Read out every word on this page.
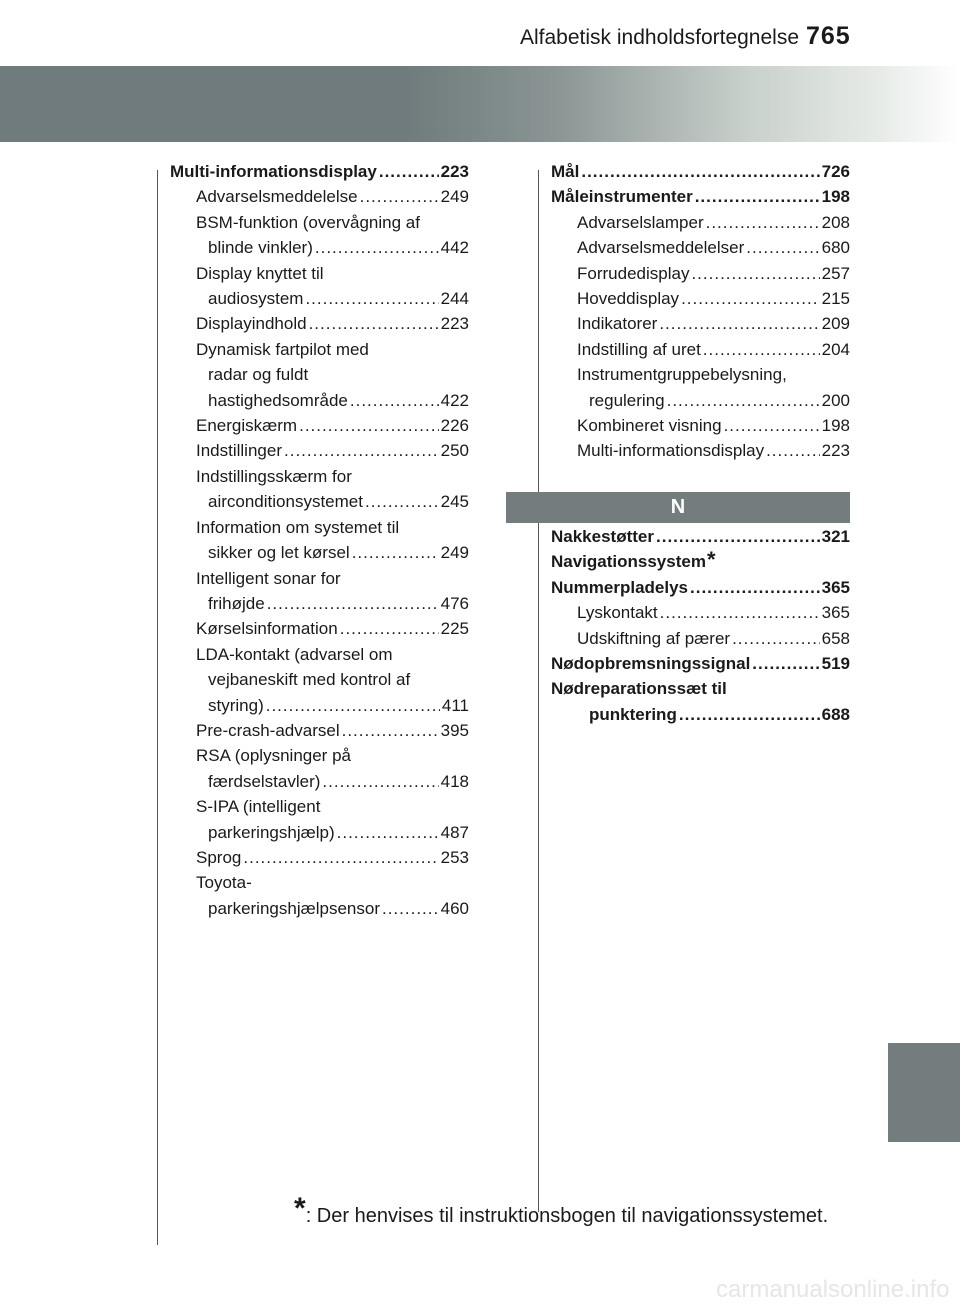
Alfabetisk indholdsfortegnelse 765
Multi-informationsdisplay .....	223
Advarselsmeddelelse .....	249
BSM-funktion (overvågning af
blinde vinkler) .....	442
Display knyttet til
audiosystem .....	244
Displayindhold .....	223
Dynamisk fartpilot med
radar og fuldt
hastighedsområde .....	422
Energiskærm .....	226
Indstillinger .....	250
Indstillingsskærm for
airconditionsystemet .....	245
Information om systemet til
sikker og let kørsel .....	249
Intelligent sonar for
frihøjde .....	476
Kørselsinformation .....	225
LDA-kontakt (advarsel om
vejbaneskift med kontrol af
styring) .....	411
Pre-crash-advarsel .....	395
RSA (oplysninger på
færdselstavler) .....	418
S-IPA (intelligent
parkeringshjælp) .....	487
Sprog .....	253
Toyota-
parkeringshjælpsensor .....	460
Mål .....	726
Måleinstrumenter .....	198
Advarselslamper .....	208
Advarselsmeddelelser .....	680
Forrudedisplay .....	257
Hoveddisplay .....	215
Indikatorer .....	209
Indstilling af uret .....	204
Instrumentgruppebelysning,
regulering .....	200
Kombineret visning .....	198
Multi-informationsdisplay .....	223
N
Nakkestøtter .....	321
Navigationssystem *
Nummerpladelys .....	365
Lyskontakt .....	365
Udskiftning af pærer .....	658
Nødopbremsningssignal .....	519
Nødreparationssæt til
punktering .....	688
*: Der henvises til instruktionsbogen til navigationssystemet.
carmanualsonline.info
